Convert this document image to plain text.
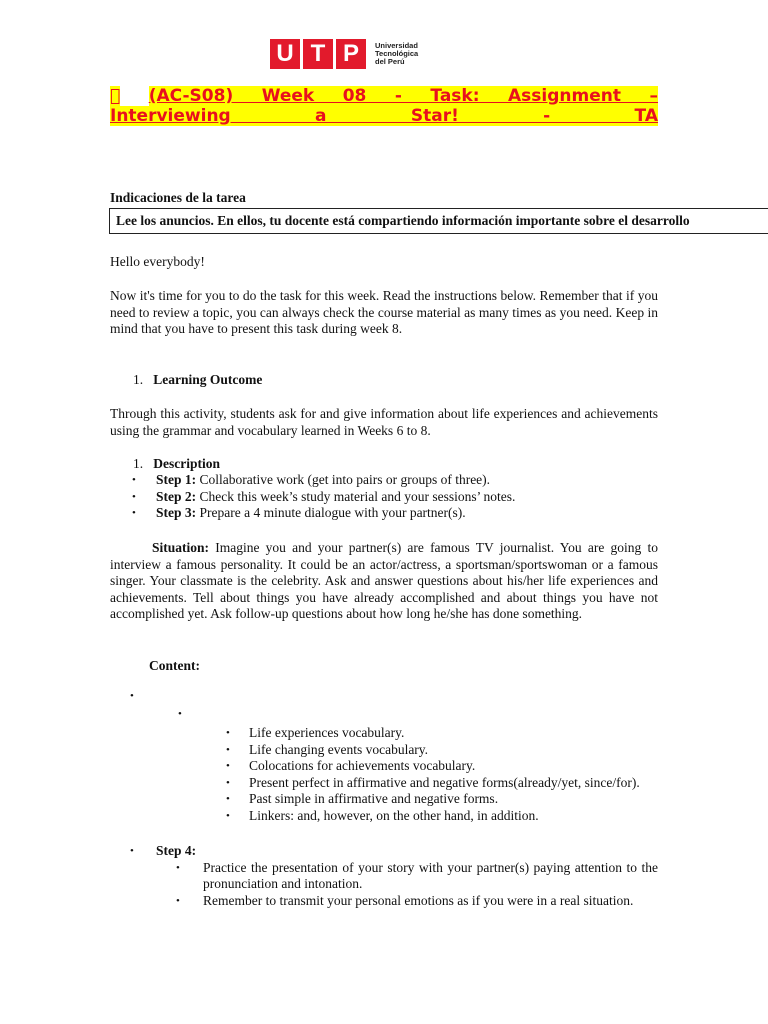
U T P	Universidad
Tecnológica
del Perú
(AC-S08) Week 08 - Task: Assignment –
Interviewing a Star! - TA
Indicaciones de la tarea
Lee los anuncios. En ellos, tu docente está compartiendo información importante sobre el desarrollo
Hello everybody!
Now it's time for you to do the task for this week. Read the instructions below. Remember that if you need to review a topic, you can always check the course material as many times as you need. Keep in mind that you have to present this task during week 8.
1. Learning Outcome
Through this activity, students ask for and give information about life experiences and achievements using the grammar and vocabulary learned in Weeks 6 to 8.
1. Description
• Step 1: Collaborative work (get into pairs or groups of three).
• Step 2: Check this week’s study material and your sessions’ notes.
• Step 3: Prepare a 4 minute dialogue with your partner(s).
Situation: Imagine you and your partner(s) are famous TV journalist. You are going to interview a famous personality. It could be an actor/actress, a sportsman/sportswoman or a famous singer. Your classmate is the celebrity. Ask and answer questions about his/her life experiences and achievements. Tell about things you have already accomplished and about things you have not accomplished yet. Ask follow-up questions about how long he/she has done something.
Content:
•
•
• Life experiences vocabulary.
• Life changing events vocabulary.
• Colocations for achievements vocabulary.
• Present perfect in affirmative and negative forms(already/yet, since/for).
• Past simple in affirmative and negative forms.
• Linkers: and, however, on the other hand, in addition.
• Step 4:
• Practice the presentation of your story with your partner(s) paying attention to the pronunciation and intonation.
• Remember to transmit your personal emotions as if you were in a real situation.
